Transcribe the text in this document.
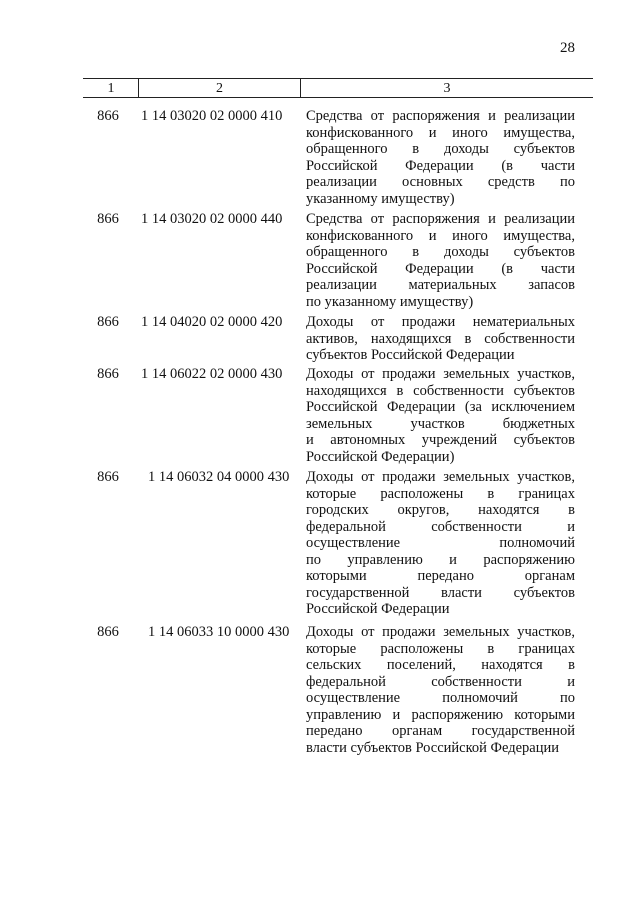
28
1	2	3
866	1 14 03020 02 0000 410	Средства от распоряжения и реализации
конфискованного и иного имущества,
обращенного в доходы субъектов
Российской Федерации (в части
реализации основных средств по
указанному имуществу)
866	1 14 03020 02 0000 440	Средства от распоряжения и реализации
конфискованного и иного имущества,
обращенного в доходы субъектов
Российской Федерации (в части
реализации материальных запасов
по указанному имуществу)
866	1 14 04020 02 0000 420	Доходы от продажи нематериальных
активов, находящихся в собственности
субъектов Российской Федерации
866	1 14 06022 02 0000 430	Доходы от продажи земельных участков,
находящихся в собственности субъектов
Российской Федерации (за исключением
земельных участков бюджетных
и автономных учреждений субъектов
Российской Федерации)
866	1 14 06032 04 0000 430	Доходы от продажи земельных участков,
которые расположены в границах
городских округов, находятся в
федеральной собственности и
осуществление полномочий
по управлению и распоряжению
которыми передано органам
государственной власти субъектов
Российской Федерации
866	1 14 06033 10 0000 430	Доходы от продажи земельных участков,
которые расположены в границах
сельских поселений, находятся в
федеральной собственности и
осуществление полномочий по
управлению и распоряжению которыми
передано органам государственной
власти субъектов Российской Федерации
